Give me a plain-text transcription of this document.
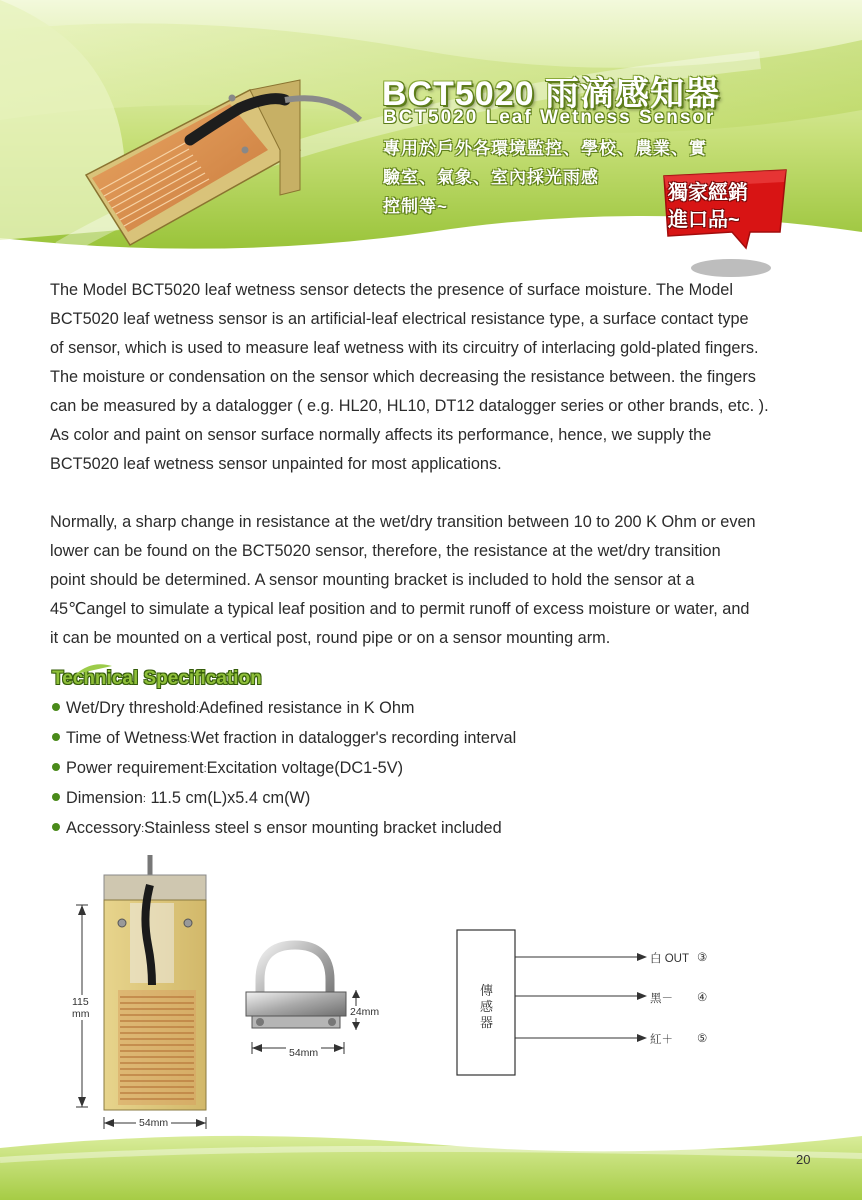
BCT5020 雨滴感知器
BCT5020 Leaf Wetness Sensor
專用於戶外各環境監控、學校、農業、實
驗室、氣象、室內採光雨感
控制等~
獨家經銷
進口品~
The Model BCT5020 leaf wetness sensor detects the presence of surface moisture. The Model
BCT5020 leaf wetness sensor is an artificial-leaf electrical resistance type, a surface contact type
of sensor, which is used to measure leaf wetness with its circuitry of interlacing gold-plated fingers.
The moisture or condensation on the sensor which decreasing the resistance between. the fingers
can be measured by a datalogger ( e.g. HL20, HL10, DT12 datalogger series or other brands, etc. ).
As color and paint on sensor surface normally affects its performance, hence, we supply the
BCT5020 leaf wetness sensor unpainted for most applications.
Normally, a sharp change in resistance at the wet/dry transition between 10 to 200 K Ohm or even
lower can be found on the BCT5020 sensor, therefore, the resistance at the wet/dry transition
point should be determined. A sensor mounting bracket is included to hold the sensor at a
45℃angel to simulate a typical leaf position and to permit runoff of excess moisture or water, and
it can be mounted on a vertical post, round pipe or on a sensor mounting arm.
Technical Specification
Wet/Dry threshold:Adefined resistance in K Ohm
Time of Wetness:Wet fraction in datalogger's recording interval
Power requirement:Excitation voltage(DC1-5V)
Dimension: 11.5 cm(L)x5.4 cm(W)
Accessory:Stainless steel s ensor mounting bracket included
115
mm
54mm
24mm
54mm
傳
感
器
白 OUT ③
黑－ ④
紅＋ ⑤
20
